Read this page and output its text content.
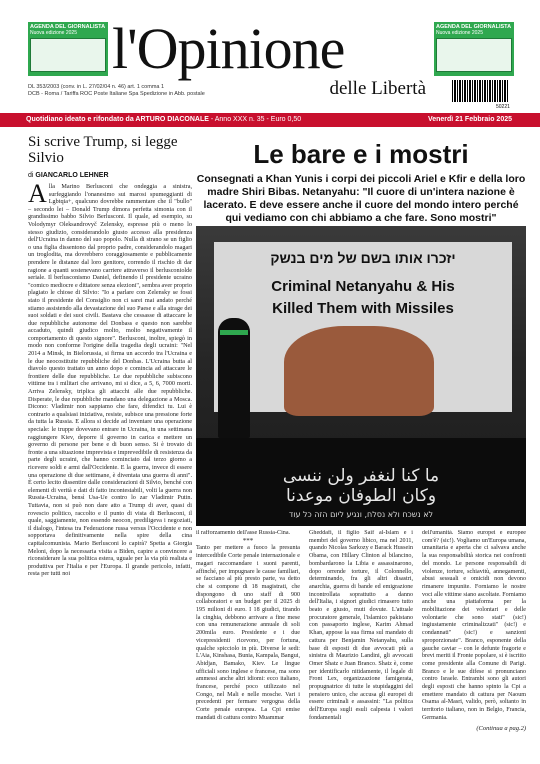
AGENDA DEL GIORNALISTA
Nuova edizione 2025 l'Opinione
delle Libertà
AGENDA DEL GIORNALISTA
Nuova edizione 2025
DL 353/2003 (conv. in L. 27/02/04 n. 46) art. 1 comma 1
DCB - Roma / Tariffa ROC Poste Italiane Spa Spedizione in Abb. postale
50221
Quotidiano ideato e rifondato da ARTURO DIACONALE - Anno XXX n. 35 - Euro 0,50	Venerdì 21 Febbraio 2025
Si scrive Trump, si legge Silvio
di GIANCARLO LEHNER
Alla Marino Berlusconi che ondeggia a sinistra, surfeggiando l'onanesimo sui marosi spumeggianti di Lgbtqia+, qualcuno dovrebbe rammentare che il "bullo" – secondo lei – Donald Trump dimora perfetta simonia con il grandissimo babbo Silvio Berlusconi. Il quale, ad esempio, su Volodymyr Oleksandrovyč Zelensky, espresse più o meno lo stesso giudizio, considerandolo giusto accesso alla presidenza dell'Ucraina in danno del suo popolo. Nulla di strano se un figlio o una figlia dissentono dal proprio padre, considerandolo magari un troglodita, ma dovrebbero coraggiosamente e pubblicamente prendere le distanze dal loro genitore, correndo il rischio di dar ragione a quanti sostenevano carriere attraverso il berlusconiolde seriale. Il berlusconismo Daniel, definendo il presidente ucraino "comico mediocre e dittatore senza elezioni", sembra aver proprio plagiato le chiose di Silvio: "Io a parlare con Zelensky se fossi stato il presidente del Consiglio non ci sarei mai andato perché stiamo assistendo alla devastazione del suo Paese e alla strage dei suoi soldati e dei suoi civili. Bastava che cessasse di attaccare le due repubbliche autonome del Donbass e questo non sarebbe accaduto, quindi giudico molto, molto negativamente il comportamento di questo signore". Berlusconi, inoltre, spiegò in modo non conforme l'origine della tragedia degli ucraini: "Nel 2014 a Minsk, in Bielorussia, si firma un accordo tra l'Ucraina e le due neocostituite repubbliche del Donbas. L'Ucraina butta al diavolo questo trattato un anno dopo e comincia ad attaccare le frontiere delle due repubbliche. Le due repubbliche subiscono vittime tra i militari che arrivano, mi si dice, a 5, 6, 7000 morti. Arriva Zelensky, triplica gli attacchi alle due repubbliche. Disperate, le due repubbliche mandano una delegazione a Mosca. Dicono: Vladimir non sappiamo che fare, difendici tu. Lui è contrario a qualsiasi iniziativa, resiste, subisce una pressione forte da tutta la Russia. E allora si decide ad inventare una operazione speciale: le truppe dovevano entrare in Ucraina, in una settimana raggiungere Kiev, deporre il governo in carica e mettere un governo di persone per bene e di buon senso. Si è trovato di fronte a una situazione imprevista e imprevedibile di resistenza da parte degli ucraini, che hanno cominciato dal terzo giorno a ricevere soldi e armi dall'Occidente. E la guerra, invece di essere una operazione di due settimane, è diventata una guerra di anni". È certo lecito dissentire dalle considerazioni di Silvio, benché con elementi di verità e dati di fatto incontestabili, volti la guerra non Russia-Ucraina, bensì Usa-Ue contro lo zar Vladimir Putin. Tuttavia, non si può non dare atto a Trump di aver, quasi di rovescio politico, raccolto e il punto di vista di Berlusconi, il quale, saggiamente, non essendo neocon, prediligeva i negoziati, il dialogo, l'intesa tra Federazione russa versus l'Occidente e non sopportava definitivamente nella spire della cina capitalcomunista. Mario Berlusconi lo capirà? Spetta a Giorgia Meloni, dopo la necessaria visita a Biden, capire a convincere a riconsiderare la sua politica estera, uguale per la via più realista e produttiva per l'Italia e per l'Europa. Il grande pericolo, infatti, resta per tutti noi
Le bare e i mostri
Consegnati a Khan Yunis i corpi dei piccoli Ariel e Kfir e della loro madre Shiri Bibas. Netanyahu: "Il cuore di un'intera nazione è lacerato. E deve essere anche il cuore del mondo intero perché qui vediamo con chi abbiamo a che fare. Sono mostri"
יזכרו אותו בשם של מים בנשק
Criminal Netanyahu & His
Killed Them with Missiles
ما كنا لنغفر ولن ننسى
وكان الطوفان موعدنا
לא נשכח ולא נסלח, ונגיע ליום הזה כל עוד
il rafforzamento dell'asse Russia-Cina.
***
Tanto per mettere a fuoco la presunta intercedibile Corte penale internazionale e magari raccomandare i suoni parenti, affinché, per impugnare le cause familiari, se facciano al più presto parte, va detto che si compone di 18 magistrati, che dispongono di uno staff di 900 collaboratori e un budget per il 2025 di 195 milioni di euro. I 18 giudici, tirando la cinghia, debbono arrivare a fine mese con una remunerazione annuale di soli 200mila euro. Presidente e i due vicepresidenti ricevono, per fortuna, qualche spicciolo in più. Diverse le sedi: L'Aia, Kinshasa, Bunia, Kampala, Bangui, Abidjan, Bamako, Kiev. Le lingue ufficiali sono inglese e francese, ma sono ammessi anche altri idiomi: ecco italiano, francese, perché poco utilizzato nel Congo, nel Mali e nelle mosche. Vari i precedenti per fermare vergogna della Corte penale europea. La Cpi emise mandati di cattura contro Muammar
Gheddafi, il figlio Saif al-Islam e i membri del governo libico, ma nel 2011, quando Nicolas Sarkozy e Barack Hussein Obama, con Hillary Clinton al bilancino, bombardarono la Libia e assassinarono, dopo orrende torture, il Colonnello, determinando, fra gli altri disastri, anarchia, guerra di bande ed emigrazione incontrollata soprattutto a danno dell'Italia, i signori giudici rimasero tutto beato e giusto, muti dovute. L'attuale procuratore generale, l'islamico pakistano con passaporto inglese, Karim Ahmad Khan, appose la sua firma sul mandato di cattura per Benjamin Netanyahu, sulla base di esposti di due avvocati più a sinistra di Maurizio Landini, gli avvocati Omer Shatz e Juan Branco. Shatz è, come per identificarlo nitidamente, il legale di Front Lex, organizzazione famigerata, propugnatrice di tutte le stupidaggini del pensiero unico, che accusa gli europei di essere criminali e assassini: "La politica dell'Europa sugli esuli calpesta i valori fondamentali
dell'umanità. Siamo europei e europee com'è? (sic!). Vogliamo un'Europa umana, umanitaria e aperta che ci salvava anche la sua responsabilità storica nei confronti del mondo. Le persone responsabili di violenze, torture, schiavitù, annegamenti, abusi sessuali e omicidi non devono rimanere impunite. Forniamo le nostre voci alle vittime siano ascoltate. Forniamo anche una piattaforma per la mobilitazione dei volontari e delle volontarie che sono stati" (sic!) ingiustamente criminalizzati" (sic!) e condannati" (sic!) e sanzioni sproporzionate". Branco, esponente della gauche caviar – con le defunte fragorie e brevi meriti il Fronte popolare, si è iscritto come presidente alla Comune di Parigi. Branco e le sue difese si pronunciano contro Israele. Entrambi sono gli autori degli esposti che hanno spinto la Cpi a emettere mandato di cattura per Naoum Osama al-Masri, valido, però, soltanto in territorio italiano, non in Belgio, Francia, Germania.
(Continua a pag.2)
